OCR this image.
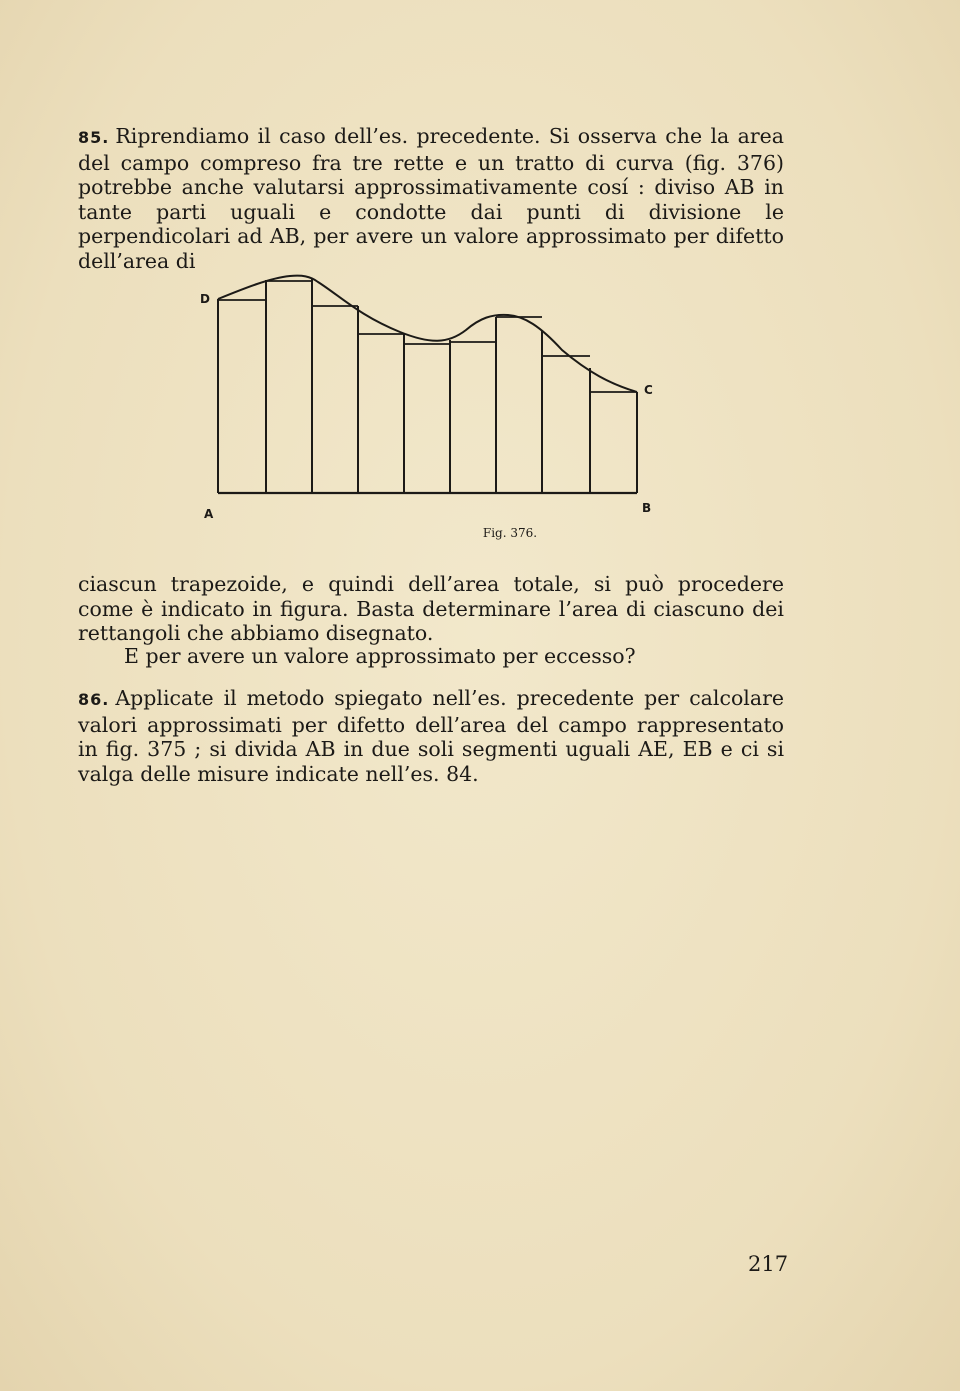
85. Riprendiamo il caso dell’es. precedente. Si osserva che la area del campo compreso fra tre rette e un tratto di curva (fig. 376) potrebbe anche valutarsi approssimativamente cosí : diviso AB in tante parti uguali e condotte dai punti di divisione le perpendicolari ad AB, per avere un valore approssimato per difetto dell’area di

D
C
A	B
Fig. 376.

ciascun trapezoide, e quindi dell’area totale, si può procedere come è indicato in figura. Basta determinare l’area di ciascuno dei rettangoli che abbiamo disegnato.

E per avere un valore approssimato per eccesso?

86. Applicate il metodo spiegato nell’es. precedente per calcolare valori approssimati per difetto dell’area del campo rappresentato in fig. 375 ; si divida AB in due soli segmenti uguali AE, EB e ci si valga delle misure indicate nell’es. 84.

217
